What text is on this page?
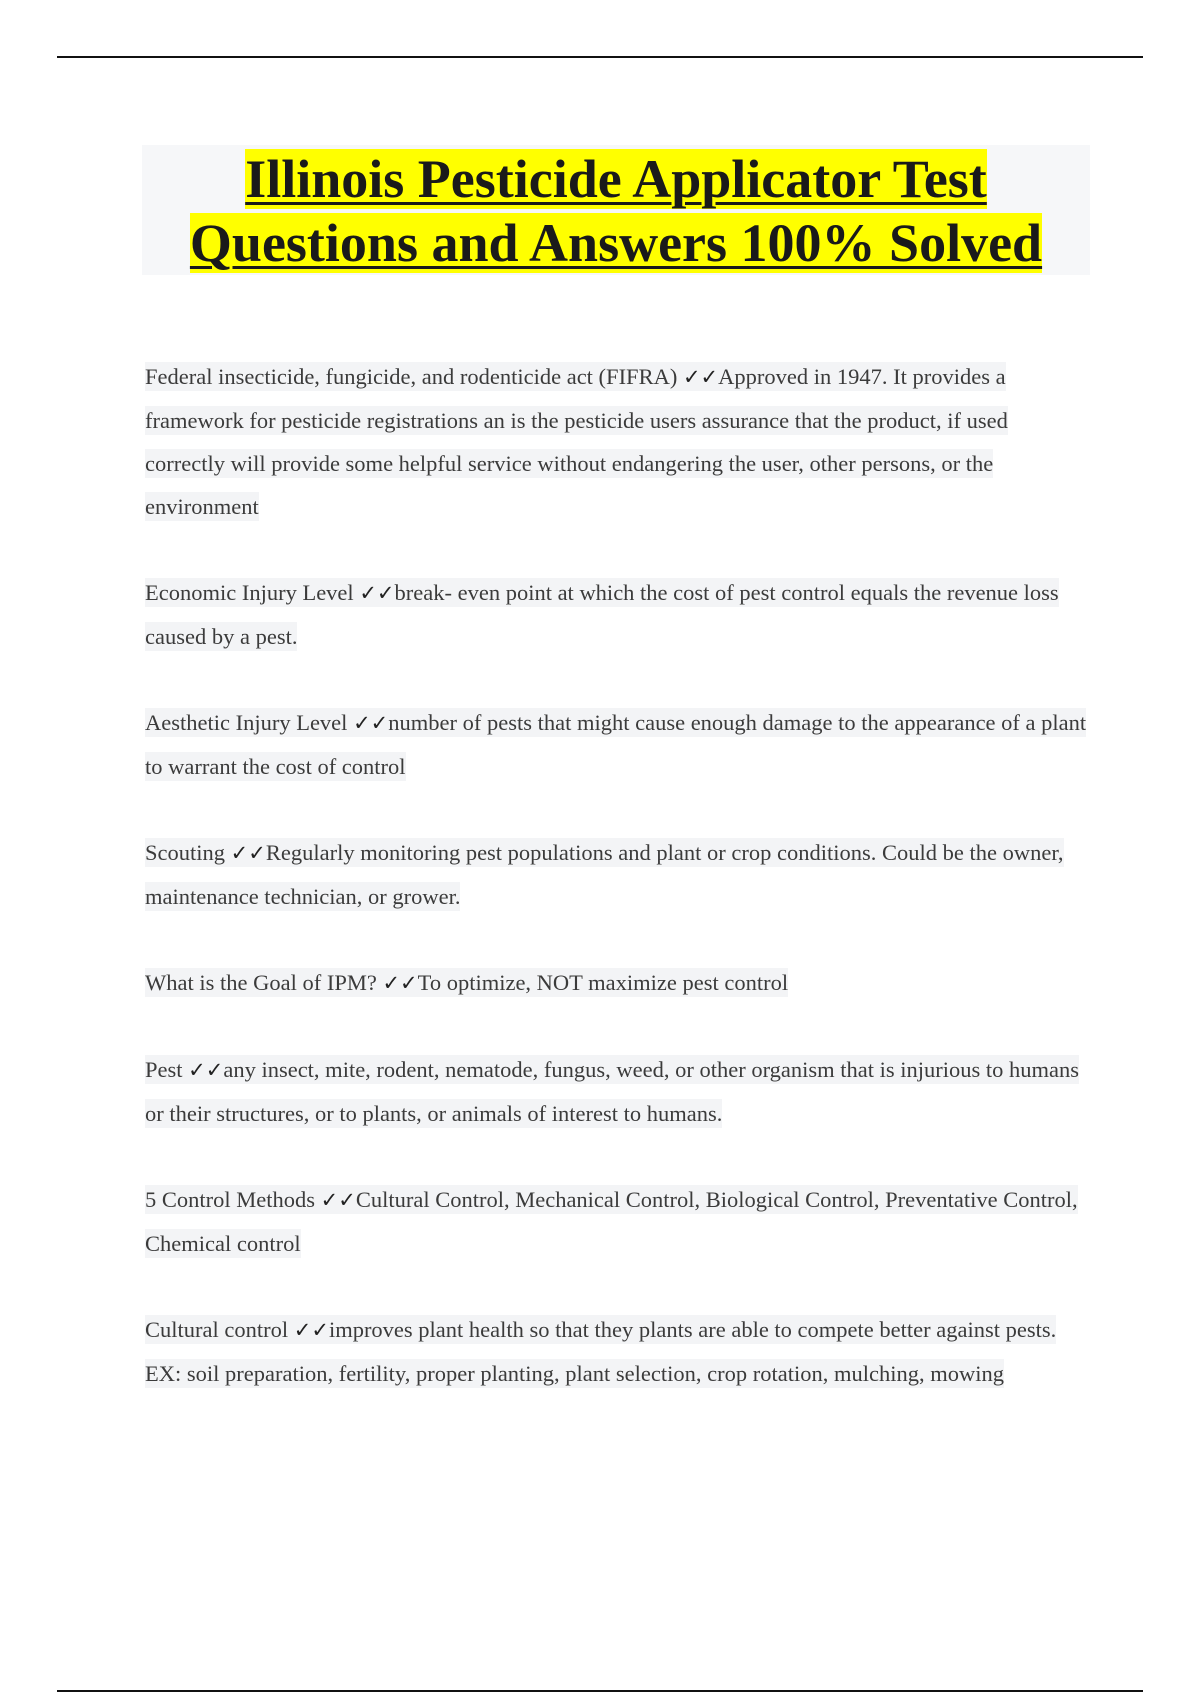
Illinois Pesticide Applicator Test
Questions and Answers 100% Solved

Federal insecticide, fungicide, and rodenticide act (FIFRA) ✓✓Approved in 1947. It provides a framework for pesticide registrations an is the pesticide users assurance that the product, if used correctly will provide some helpful service without endangering the user, other persons, or the environment

Economic Injury Level ✓✓break- even point at which the cost of pest control equals the revenue loss caused by a pest.

Aesthetic Injury Level ✓✓number of pests that might cause enough damage to the appearance of a plant to warrant the cost of control

Scouting ✓✓Regularly monitoring pest populations and plant or crop conditions. Could be the owner, maintenance technician, or grower.

What is the Goal of IPM? ✓✓To optimize, NOT maximize pest control

Pest ✓✓any insect, mite, rodent, nematode, fungus, weed, or other organism that is injurious to humans or their structures, or to plants, or animals of interest to humans.

5 Control Methods ✓✓Cultural Control, Mechanical Control, Biological Control, Preventative Control, Chemical control

Cultural control ✓✓improves plant health so that they plants are able to compete better against pests. EX: soil preparation, fertility, proper planting, plant selection, crop rotation, mulching, mowing
